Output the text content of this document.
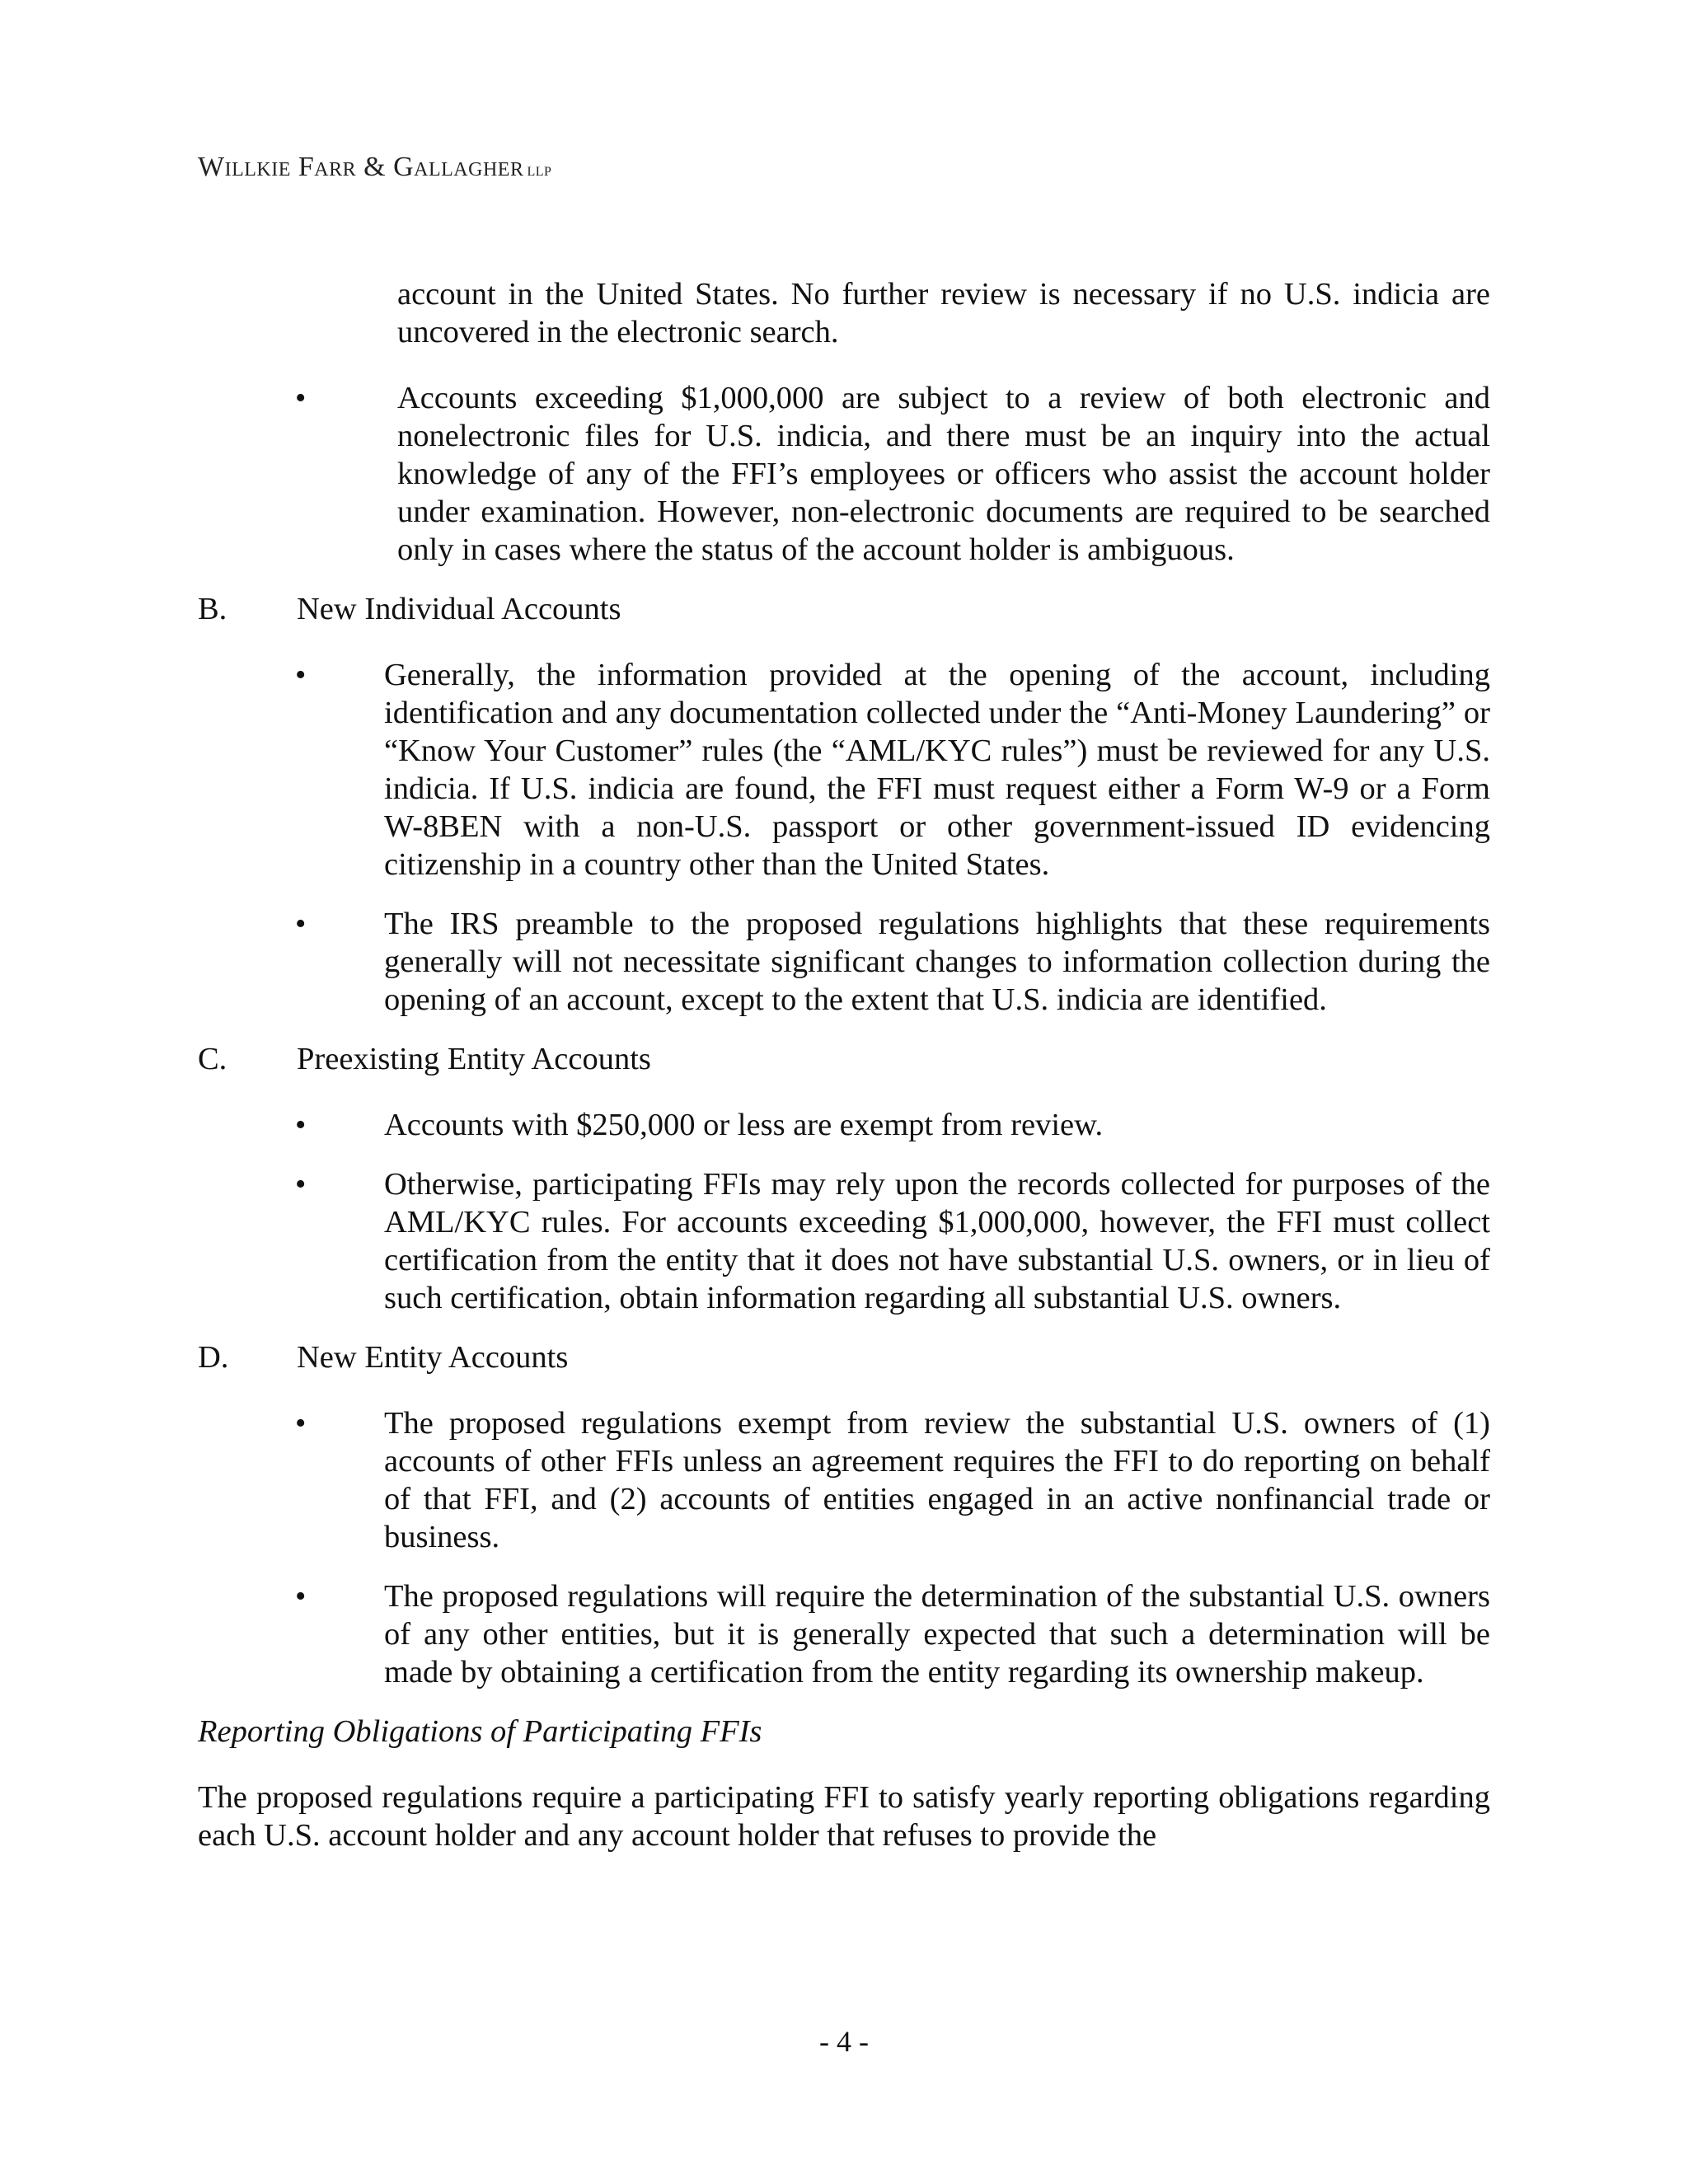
Willkie Farr & Gallagher LLP

account in the United States. No further review is necessary if no U.S. indicia are uncovered in the electronic search.

•	Accounts exceeding $1,000,000 are subject to a review of both electronic and nonelectronic files for U.S. indicia, and there must be an inquiry into the actual knowledge of any of the FFI’s employees or officers who assist the account holder under examination. However, non-electronic documents are required to be searched only in cases where the status of the account holder is ambiguous.

B.	New Individual Accounts
• Generally, the information provided at the opening of the account, including identification and any documentation collected under the “Anti-Money Laundering” or “Know Your Customer” rules (the “AML/KYC rules”) must be reviewed for any U.S. indicia. If U.S. indicia are found, the FFI must request either a Form W-9 or a Form W-8BEN with a non-U.S. passport or other government-issued ID evidencing citizenship in a country other than the United States.

• The IRS preamble to the proposed regulations highlights that these requirements generally will not necessitate significant changes to information collection during the opening of an account, except to the extent that U.S. indicia are identified.

C.	Preexisting Entity Accounts
• Accounts with $250,000 or less are exempt from review.

• Otherwise, participating FFIs may rely upon the records collected for purposes of the AML/KYC rules. For accounts exceeding $1,000,000, however, the FFI must collect certification from the entity that it does not have substantial U.S. owners, or in lieu of such certification, obtain information regarding all substantial U.S. owners.

D.	New Entity Accounts
• The proposed regulations exempt from review the substantial U.S. owners of (1) accounts of other FFIs unless an agreement requires the FFI to do reporting on behalf of that FFI, and (2) accounts of entities engaged in an active nonfinancial trade or business.

• The proposed regulations will require the determination of the substantial U.S. owners of any other entities, but it is generally expected that such a determination will be made by obtaining a certification from the entity regarding its ownership makeup.

Reporting Obligations of Participating FFIs

The proposed regulations require a participating FFI to satisfy yearly reporting obligations regarding each U.S. account holder and any account holder that refuses to provide the

- 4 -
